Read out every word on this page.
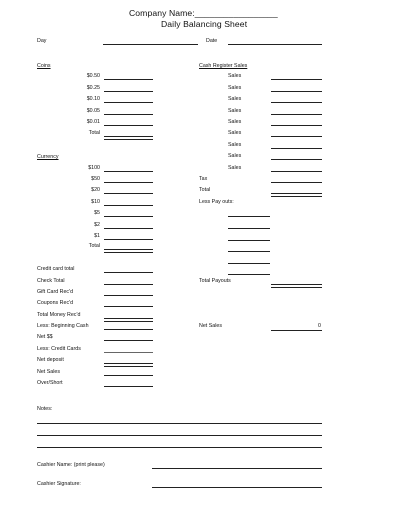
Company Name:_________________
Daily Balancing Sheet
Day	Date
Coins
$0.50
$0.25
$0.10
$0.05
$0.01
Total
Currency
$100
$50
$20
$10
$5
$2
$1
Total
Cash Register Sales
Sales
Sales
Sales
Sales
Sales
Sales
Sales
Sales
Sales
Tax
Total
Less Pay outs:
Total Payouts
Net Sales	0
Credit card total
Check Total
Gift Card Rec'd
Coupons Rec'd
Total Money Rec'd
Less: Beginning Cash
Net $$
Less: Credit Cards
Net deposit
Net Sales
Over/Short
Notes:
Cashier Name: (print please)
Cashier Signature:
